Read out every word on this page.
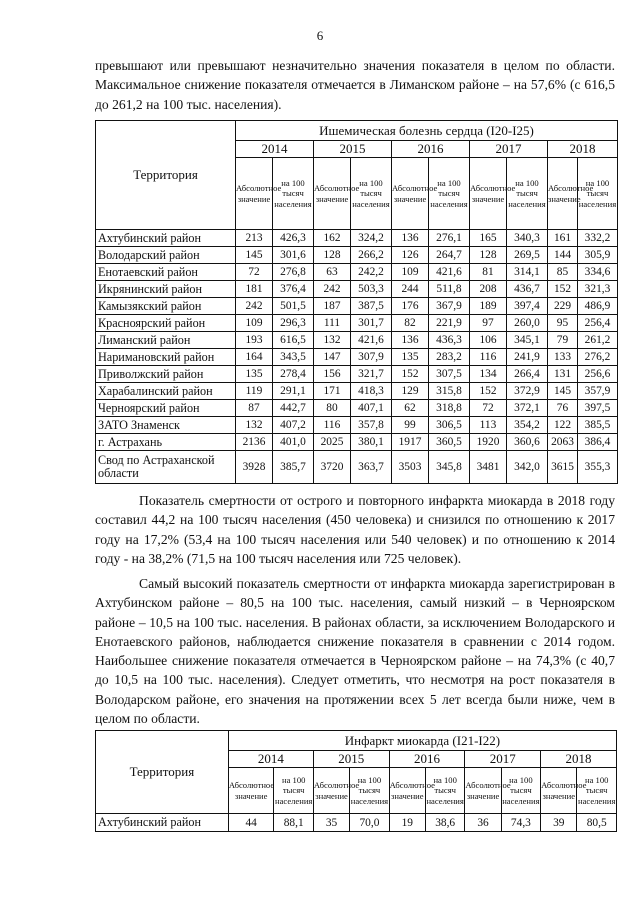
6

превышают или превышают незначительно значения показателя в целом по области. Максимальное снижение показателя отмечается в Лиманском районе – на 57,6% (с 616,5 до 261,2 на 100 тыс. населения).

Территория	Ишемическая болезнь сердца (I20-I25)									
	2014		2015		2016		2017		2018	
	Абсолютное значение	на 100 тысяч населения	Абсолютное значение	на 100 тысяч населения	Абсолютное значение	на 100 тысяч населения	Абсолютное значение	на 100 тысяч населения	Абсолютное значение	на 100 тысяч населения
Ахтубинский район	213	426,3	162	324,2	136	276,1	165	340,3	161	332,2
Володарский район	145	301,6	128	266,2	126	264,7	128	269,5	144	305,9
Енотаевский район	72	276,8	63	242,2	109	421,6	81	314,1	85	334,6
Икрянинский район	181	376,4	242	503,3	244	511,8	208	436,7	152	321,3
Камызякский район	242	501,5	187	387,5	176	367,9	189	397,4	229	486,9
Красноярский район	109	296,3	111	301,7	82	221,9	97	260,0	95	256,4
Лиманский район	193	616,5	132	421,6	136	436,3	106	345,1	79	261,2
Наримановский район	164	343,5	147	307,9	135	283,2	116	241,9	133	276,2
Приволжский район	135	278,4	156	321,7	152	307,5	134	266,4	131	256,6
Харабалинский район	119	291,1	171	418,3	129	315,8	152	372,9	145	357,9
Черноярский район	87	442,7	80	407,1	62	318,8	72	372,1	76	397,5
ЗАТО Знаменск	132	407,2	116	357,8	99	306,5	113	354,2	122	385,5
г. Астрахань	2136	401,0	2025	380,1	1917	360,5	1920	360,6	2063	386,4
Свод по Астраханской области	3928	385,7	3720	363,7	3503	345,8	3481	342,0	3615	355,3

Показатель смертности от острого и повторного инфаркта миокарда в 2018 году составил 44,2 на 100 тысяч населения (450 человека) и снизился по отношению к 2017 году на 17,2% (53,4 на 100 тысяч населения или 540 человек) и по отношению к 2014 году - на 38,2% (71,5 на 100 тысяч населения или 725 человек).

Самый высокий показатель смертности от инфаркта миокарда зарегистрирован в Ахтубинском районе – 80,5 на 100 тыс. населения, самый низкий – в Черноярском районе – 10,5 на 100 тыс. населения. В районах области, за исключением Володарского и Енотаевского районов, наблюдается снижение показателя в сравнении с 2014 годом. Наибольшее снижение показателя отмечается в Черноярском районе – на 74,3% (с 40,7 до 10,5 на 100 тыс. населения). Следует отметить, что несмотря на рост показателя в Володарском районе, его значения на протяжении всех 5 лет всегда были ниже, чем в целом по области.

Территория	Инфаркт миокарда (I21-I22)									
	2014		2015		2016		2017		2018	
	Абсолютное значение	на 100 тысяч населения	Абсолютное значение	на 100 тысяч населения	Абсолютное значение	на 100 тысяч населения	Абсолютное значение	на 100 тысяч населения	Абсолютное значение	на 100 тысяч населения
Ахтубинский район	44	88,1	35	70,0	19	38,6	36	74,3	39	80,5
